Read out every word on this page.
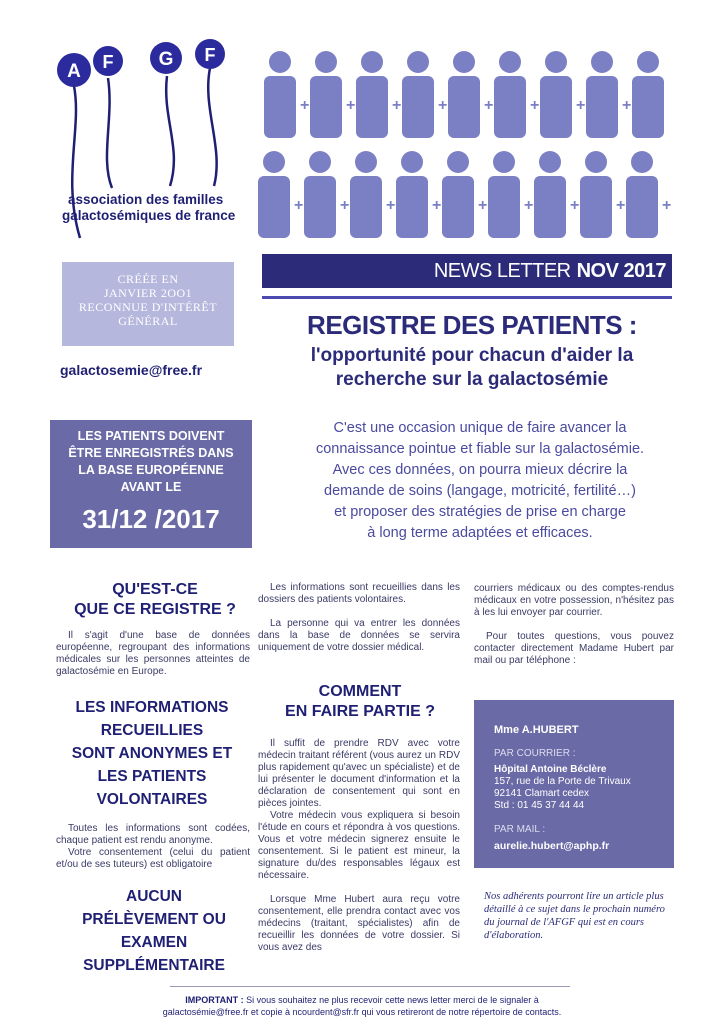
A F G F
association des familles
galactosémiques de france
CRÉÉE EN
JANVIER 2OO1
RECONNUE D'INTÉRÊT
GÉNÉRAL
galactosemie@free.fr
+ + + + + + + +
+ + + + + + + + +
NEWS LETTER NOV 2017
REGISTRE DES PATIENTS :
l'opportunité pour chacun d'aider la
recherche sur la galactosémie
C'est une occasion unique de faire avancer la
connaissance pointue et fiable sur la galactosémie.
Avec ces données, on pourra mieux décrire la
demande de soins (langage, motricité, fertilité…)
et proposer des stratégies de prise en charge
à long terme adaptées et efficaces.
LES PATIENTS DOIVENT
ÊTRE ENREGISTRÉS DANS
LA BASE EUROPÉENNE
AVANT LE
31/12 /2017
QU'EST-CE
QUE CE REGISTRE ?

Il s'agit d'une base de données européenne, regroupant des informations médicales sur les personnes atteintes de galactosémie en Europe.

LES INFORMATIONS
RECUEILLIES
SONT ANONYMES ET
LES PATIENTS
VOLONTAIRES

Toutes les informations sont codées, chaque patient est rendu anonyme.

Votre consentement (celui du patient et/ou de ses tuteurs) est obligatoire

AUCUN
PRÉLÈVEMENT OU
EXAMEN
SUPPLÉMENTAIRE

Les informations sont recueillies dans les dossiers des patients volontaires.

La personne qui va entrer les données dans la base de données se servira uniquement de votre dossier médical.

COMMENT
EN FAIRE PARTIE ?

Il suffit de prendre RDV avec votre médecin traitant référent (vous aurez un RDV plus rapidement qu'avec un spécialiste) et de lui présenter le document d'information et la déclaration de consentement qui sont en pièces jointes.

Votre médecin vous expliquera si besoin l'étude en cours et répondra à vos questions. Vous et votre médecin signerez ensuite le consentement. Si le patient est mineur, la signature du/des responsables légaux est nécessaire.

Lorsque Mme Hubert aura reçu votre consentement, elle prendra contact avec vos médecins (traitant, spécialistes) afin de recueillir les données de votre dossier. Si vous avez des

courriers médicaux ou des comptes-rendus médicaux en votre possession, n'hésitez pas à les lui envoyer par courrier.

Pour toutes questions, vous pouvez contacter directement Madame Hubert par mail ou par téléphone :

Mme A.HUBERT
PAR COURRIER :
Hôpital Antoine Béclère
157, rue de la Porte de Trivaux
92141 Clamart cedex
Std : 01 45 37 44 44
PAR MAIL :
aurelie.hubert@aphp.fr

Nos adhérents pourront lire un article plus détaillé à ce sujet dans le prochain numéro du journal de l'AFGF qui est en cours d'élaboration.

IMPORTANT : Si vous souhaitez ne plus recevoir cette news letter merci de le signaler à
galactosémie@free.fr et copie à ncourdent@sfr.fr qui vous retireront de notre répertoire de contacts.
